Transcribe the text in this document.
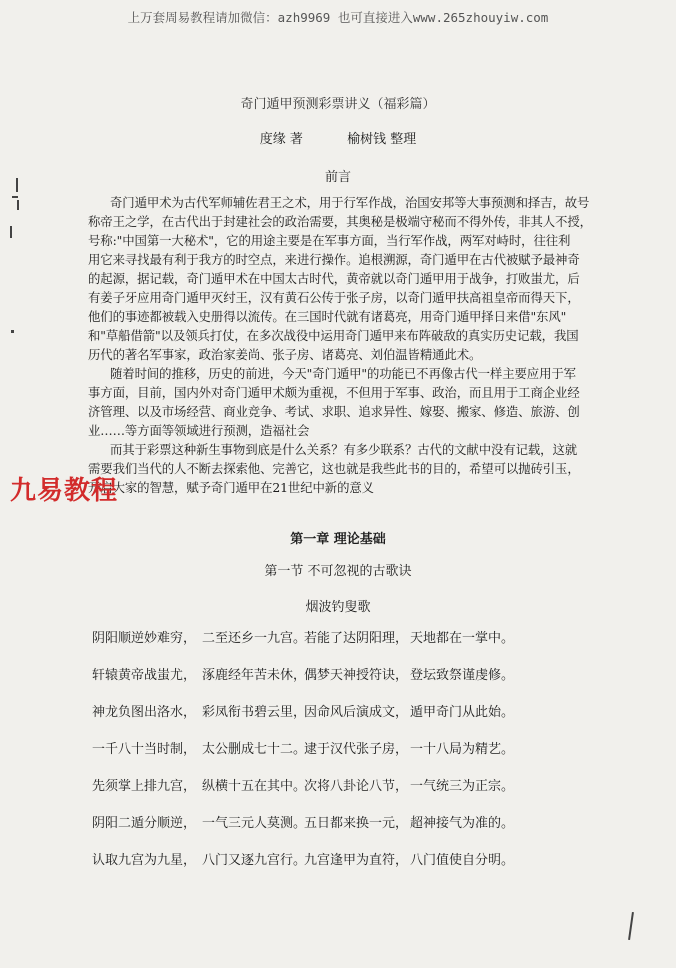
上万套周易教程请加微信：azh9969 也可直接进入www.265zhouyiw.com
奇门遁甲预测彩票讲义（福彩篇）
度缘 著	榆树钱 整理
前言
奇门遁甲术为古代军师辅佐君王之术，用于行军作战，治国安邦等大事预测和择吉，故号
称帝王之学，在古代出于封建社会的政治需要，其奥秘是极端守秘而不得外传，非其人不授，
号称:"中国第一大秘术"，它的用途主要是在军事方面，当行军作战，两军对峙时，往往利
用它来寻找最有利于我方的时空点，来进行操作。追根溯源，奇门遁甲在古代被赋予最神奇
的起源，据记载，奇门遁甲术在中国太古时代，黄帝就以奇门遁甲用于战争，打败蚩尤，后
有姜子牙应用奇门遁甲灭纣王，汉有黄石公传于张子房，以奇门遁甲扶高祖皇帝而得天下，
他们的事迹都被载入史册得以流传。在三国时代就有诸葛亮，用奇门遁甲择日来借"东风"
和"草船借箭"以及领兵打仗，在多次战役中运用奇门遁甲来布阵破敌的真实历史记载，我国
历代的著名军事家，政治家姜尚、张子房、诸葛亮、刘伯温皆精通此术。
随着时间的推移，历史的前进，今天"奇门遁甲"的功能已不再像古代一样主要应用于军
事方面，目前，国内外对奇门遁甲术颇为重视，不但用于军事、政治，而且用于工商企业经
济管理、以及市场经营、商业竞争、考试、求职、追求异性、嫁娶、搬家、修造、旅游、创
业……等方面等领域进行预测，造福社会
而其于彩票这种新生事物到底是什么关系？有多少联系？古代的文献中没有记载，这就
需要我们当代的人不断去探索他、完善它，这也就是我些此书的目的，希望可以抛砖引玉，
开启大家的智慧，赋予奇门遁甲在21世纪中新的意义
九易教程
第一章 理论基础
第一节 不可忽视的古歌诀
烟波钓叟歌
阴阳顺逆妙难穷， 二至还乡一九宫。
若能了达阴阳理， 天地都在一掌中。
轩辕黄帝战蚩尤， 涿鹿经年苦未休，
偶梦天神授符诀， 登坛致祭谨虔修。
神龙负图出洛水， 彩凤衔书碧云里，
因命风后演成文， 遁甲奇门从此始。
一千八十当时制， 太公删成七十二。
逮于汉代张子房， 一十八局为精艺。
先须掌上排九宫， 纵横十五在其中。
次将八卦论八节， 一气统三为正宗。
阴阳二遁分顺逆， 一气三元人莫测。
五日都来换一元， 超神接气为准的。
认取九宫为九星， 八门又逐九宫行。
九宫逢甲为直符， 八门值使自分明。
